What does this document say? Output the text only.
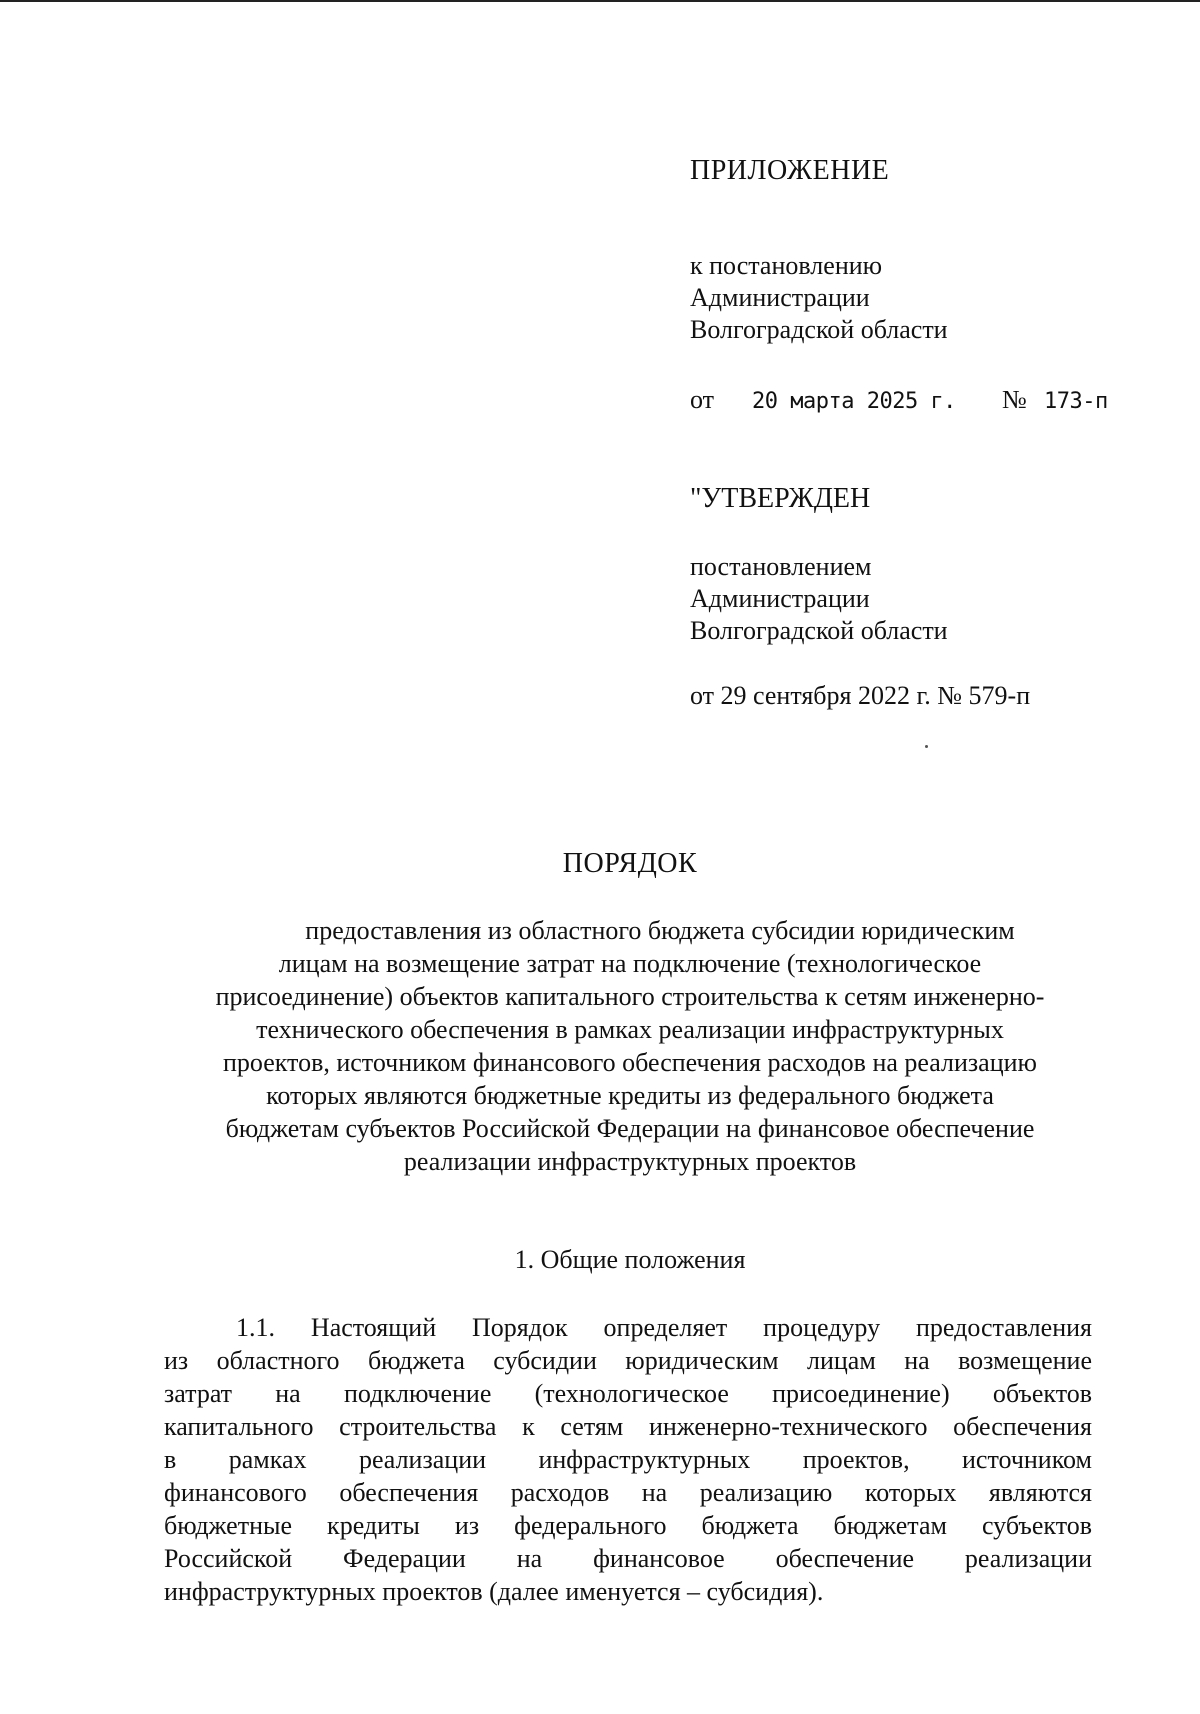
ПРИЛОЖЕНИЕ
к постановлению
Администрации
Волгоградской области
от 20 марта 2025 г. № 173-п
"УТВЕРЖДЕН
постановлением
Администрации
Волгоградской области
от 29 сентября 2022 г. № 579-п
ПОРЯДОК
предоставления из областного бюджета субсидии юридическим
лицам на возмещение затрат на подключение (технологическое
присоединение) объектов капитального строительства к сетям инженерно-
технического обеспечения в рамках реализации инфраструктурных
проектов, источником финансового обеспечения расходов на реализацию
которых являются бюджетные кредиты из федерального бюджета
бюджетам субъектов Российской Федерации на финансовое обеспечение
реализации инфраструктурных проектов
1. Общие положения
1.1. Настоящий Порядок определяет процедуру предоставления
из областного бюджета субсидии юридическим лицам на возмещение
затрат на подключение (технологическое присоединение) объектов
капитального строительства к сетям инженерно-технического обеспечения
в рамках реализации инфраструктурных проектов, источником
финансового обеспечения расходов на реализацию которых являются
бюджетные кредиты из федерального бюджета бюджетам субъектов
Российской Федерации на финансовое обеспечение реализации
инфраструктурных проектов (далее именуется – субсидия).
